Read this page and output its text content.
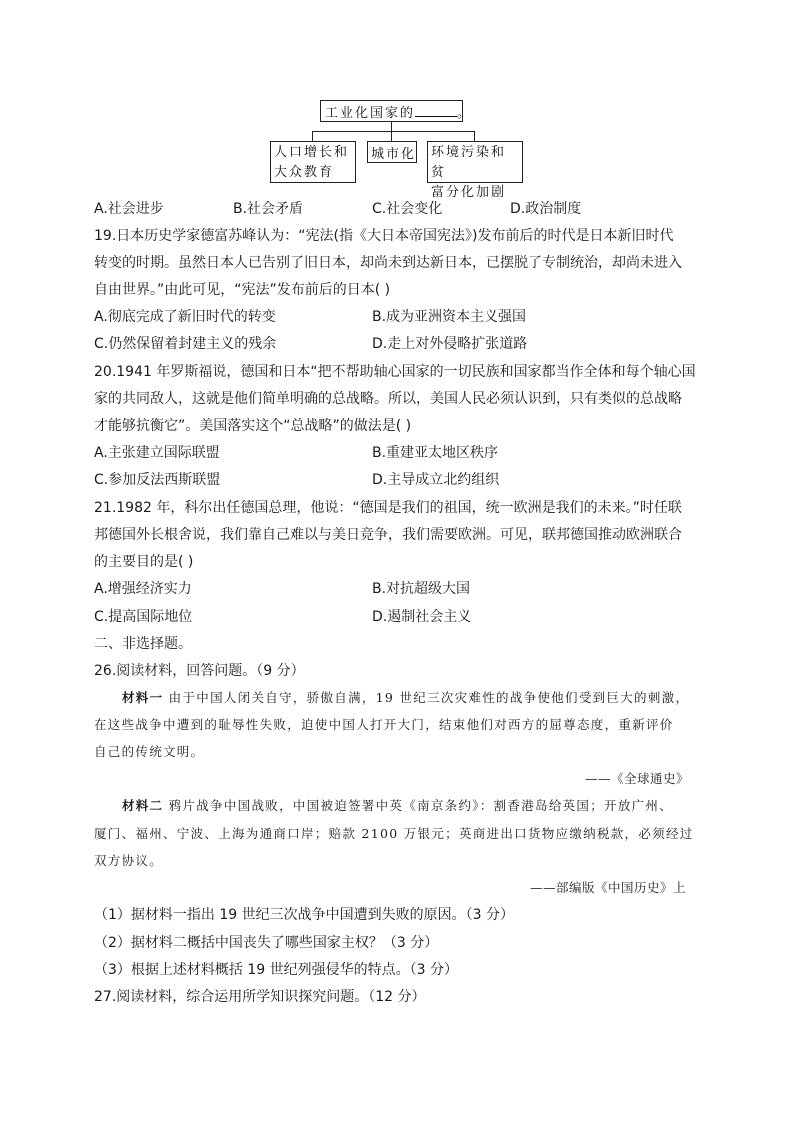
工业化国家的	。
人口增长和
大众教育
城市化 环境污染和贫
富分化加剧
A.社会进步	B.社会矛盾	C.社会变化	D.政治制度
19.日本历史学家德富苏峰认为：“宪法(指《大日本帝国宪法》)发布前后的时代是日本新旧时代
转变的时期。虽然日本人已告别了旧日本，却尚未到达新日本，已摆脱了专制统治，却尚未进入
自由世界。”由此可见，“宪法”发布前后的日本( )
A.彻底完成了新旧时代的转变	B.成为亚洲资本主义强国
C.仍然保留着封建主义的残余	D.走上对外侵略扩张道路
20.1941 年罗斯福说，德国和日本“把不帮助轴心国家的一切民族和国家都当作全体和每个轴心国
家的共同敌人，这就是他们简单明确的总战略。所以，美国人民必须认识到，只有类似的总战略
才能够抗衡它”。美国落实这个“总战略”的做法是( )
A.主张建立国际联盟	B.重建亚太地区秩序
C.参加反法西斯联盟	D.主导成立北约组织
21.1982 年，科尔出任德国总理，他说：“德国是我们的祖国，统一欧洲是我们的未来。”时任联
邦德国外长根舍说，我们靠自己难以与美日竞争，我们需要欧洲。可见，联邦德国推动欧洲联合
的主要目的是( )
A.增强经济实力	B.对抗超级大国
C.提高国际地位	D.遏制社会主义
二、非选择题。
26.阅读材料，回答问题。（9 分）
材料一 由于中国人闭关自守，骄傲自满，19 世纪三次灾难性的战争使他们受到巨大的刺激，
在这些战争中遭到的耻辱性失败，迫使中国人打开大门，结束他们对西方的屈尊态度，重新评价
自己的传统文明。
——《全球通史》
材料二 鸦片战争中国战败，中国被迫签署中英《南京条约》：割香港岛给英国；开放广州、
厦门、福州、宁波、上海为通商口岸；赔款 2100 万银元；英商进出口货物应缴纳税款，必须经过
双方协议。
——部编版《中国历史》上
（1）据材料一指出 19 世纪三次战争中国遭到失败的原因。（3 分）
（2）据材料二概括中国丧失了哪些国家主权？（3 分）
（3）根据上述材料概括 19 世纪列强侵华的特点。（3 分）
27.阅读材料，综合运用所学知识探究问题。（12 分）
